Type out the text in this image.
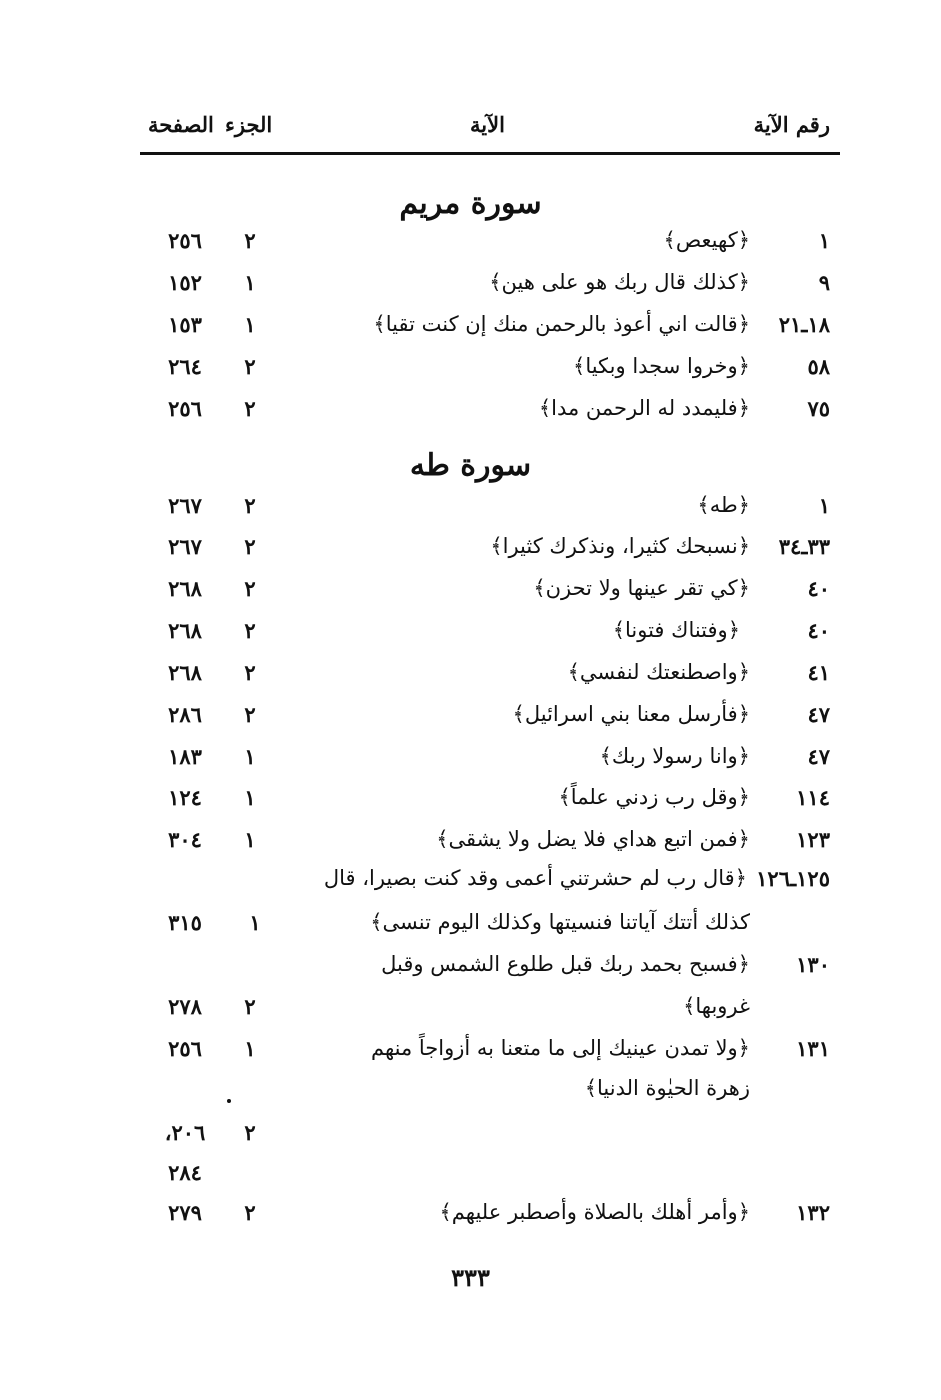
رقم الآية
الآية
الجزء
الصفحة
سورة مريم
١
﴿كهيعص﴾
٢
٢٥٦
٩
﴿كذلك قال ربك هو على هين﴾
١
١٥٢
١٨ـ٢١
﴿قالت اني أعوذ بالرحمن منك إن كنت تقيا﴾
١
١٥٣
٥٨
﴿وخروا سجدا وبكيا﴾
٢
٢٦٤
٧٥
﴿فليمدد له الرحمن مدا﴾
٢
٢٥٦
سورة طه
١
﴿طه﴾
٢
٢٦٧
٣٣ـ٣٤
﴿نسبحك كثيرا، ونذكرك كثيرا﴾
٢
٢٦٧
٤٠
﴿كي تقر عينها ولا تحزن﴾
٢
٢٦٨
٤٠
﴿وفتناك فتونا﴾
٢
٢٦٨
٤١
﴿واصطنعتك لنفسي﴾
٢
٢٦٨
٤٧
﴿فأرسل معنا بني اسرائيل﴾
٢
٢٨٦
٤٧
﴿وانا رسولا ربك﴾
١
١٨٣
١١٤
﴿وقل رب زدني علماً﴾
١
١٢٤
١٢٣
﴿فمن اتبع هداي فلا يضل ولا يشقى﴾
١
٣٠٤
١٢٥ـ١٢٦
﴿قال رب لم حشرتني أعمى وقد كنت بصيرا، قال
كذلك أتتك آياتنا فنسيتها وكذلك اليوم تنسى﴾
١
٣١٥
١٣٠
﴿فسبح بحمد ربك قبل طلوع الشمس وقبل
غروبها﴾
٢
٢٧٨
١٣١
﴿ولا تمدن عينيك إلى ما متعنا به أزواجاً منهم
١
٢٥٦
زهرة الحيٰوة الدنيا﴾
٢
٢٠٦،
٢٨٤
١٣٢
﴿وأمر أهلك بالصلاة وأصطبر عليهم﴾
٢
٢٧٩
٣٣٣
